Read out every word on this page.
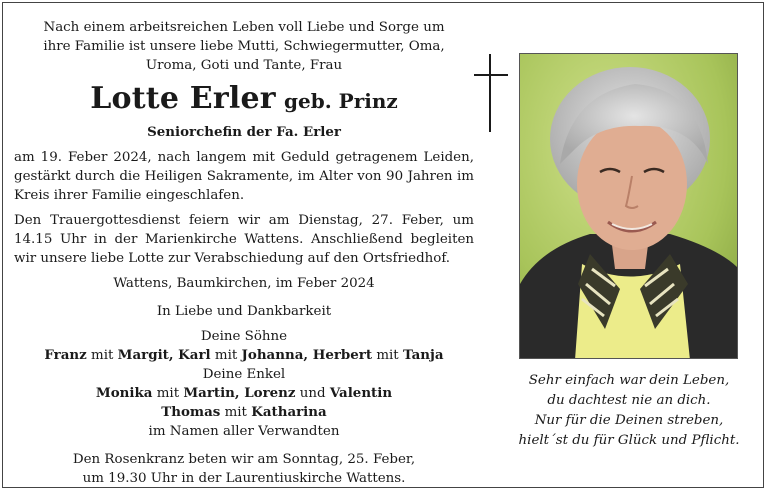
Nach einem arbeitsreichen Leben voll Liebe und Sorge um

ihre Familie ist unsere liebe Mutti, Schwiegermutter, Oma,

Uroma, Goti und Tante, Frau

Lotte Erler geb. Prinz

Seniorchefin der Fa. Erler

am 19. Feber 2024, nach langem mit Geduld getragenem Leiden, gestärkt durch die Heiligen Sakramente, im Alter von 90 Jahren im Kreis ihrer Familie eingeschlafen.

Den Trauergottesdienst feiern wir am Dienstag, 27. Feber, um 14.15 Uhr in der Marienkirche Wattens. Anschließend begleiten wir unsere liebe Lotte zur Verabschiedung auf den Ortsfriedhof.

Wattens, Baumkirchen, im Feber 2024

In Liebe und Dankbarkeit

Deine Söhne

Franz mit Margit, Karl mit Johanna, Herbert mit Tanja

Deine Enkel

Monika mit Martin, Lorenz und Valentin

Thomas mit Katharina

im Namen aller Verwandten

Den Rosenkranz beten wir am Sonntag, 25. Feber,

um 19.30 Uhr in der Laurentiuskirche Wattens.

Sehr einfach war dein Leben,

du dachtest nie an dich.

Nur für die Deinen streben,

hielt´st du für Glück und Pflicht.
